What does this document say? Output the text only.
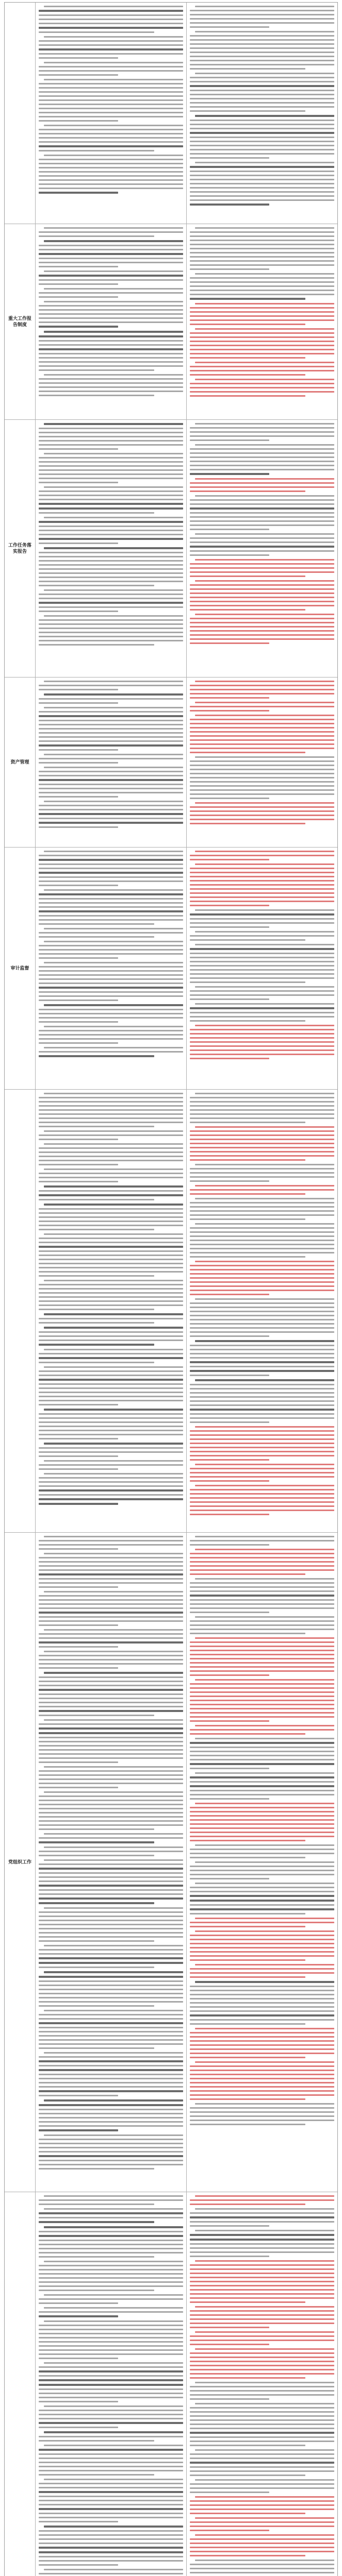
重大工作报告制度
工作任务落实报告
资产管理
审计监督
党组织工作
